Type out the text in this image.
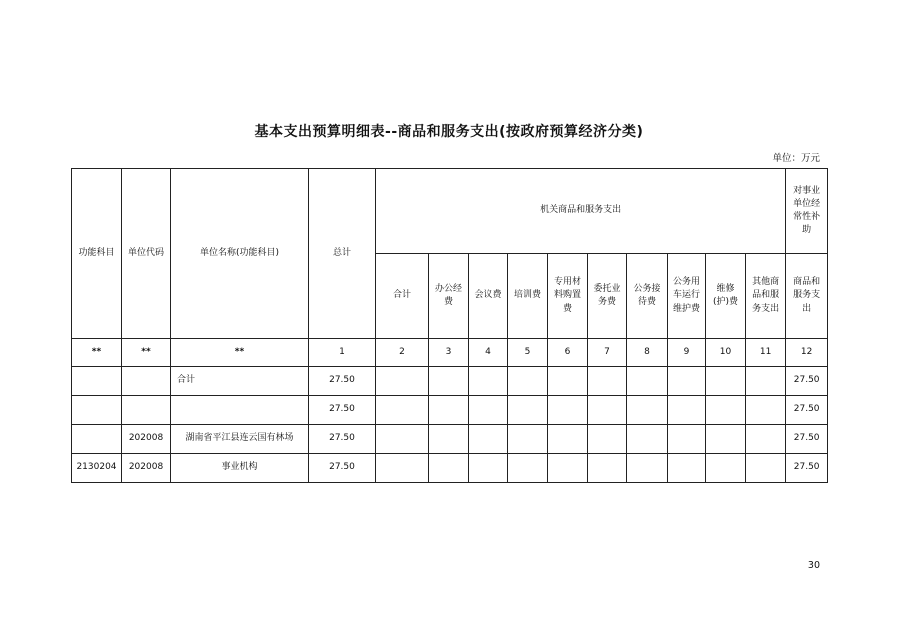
基本支出预算明细表--商品和服务支出(按政府预算经济分类)
单位：万元
功能科目	单位代码	单位名称(功能科目)	总计	机关商品和服务支出										对事业单位经常性补助
				合计	办公经费	会议费	培训费	专用材料购置费	委托业务费	公务接待费	公务用车运行维护费	维修(护)费	其他商品和服务支出	商品和服务支出
**	**	**	1	2	3	4	5	6	7	8	9	10	11	12
		合计	27.50											27.50
			27.50											27.50
	202008	湖南省平江县连云国有林场	27.50											27.50
2130204	202008	事业机构	27.50											27.50
30
